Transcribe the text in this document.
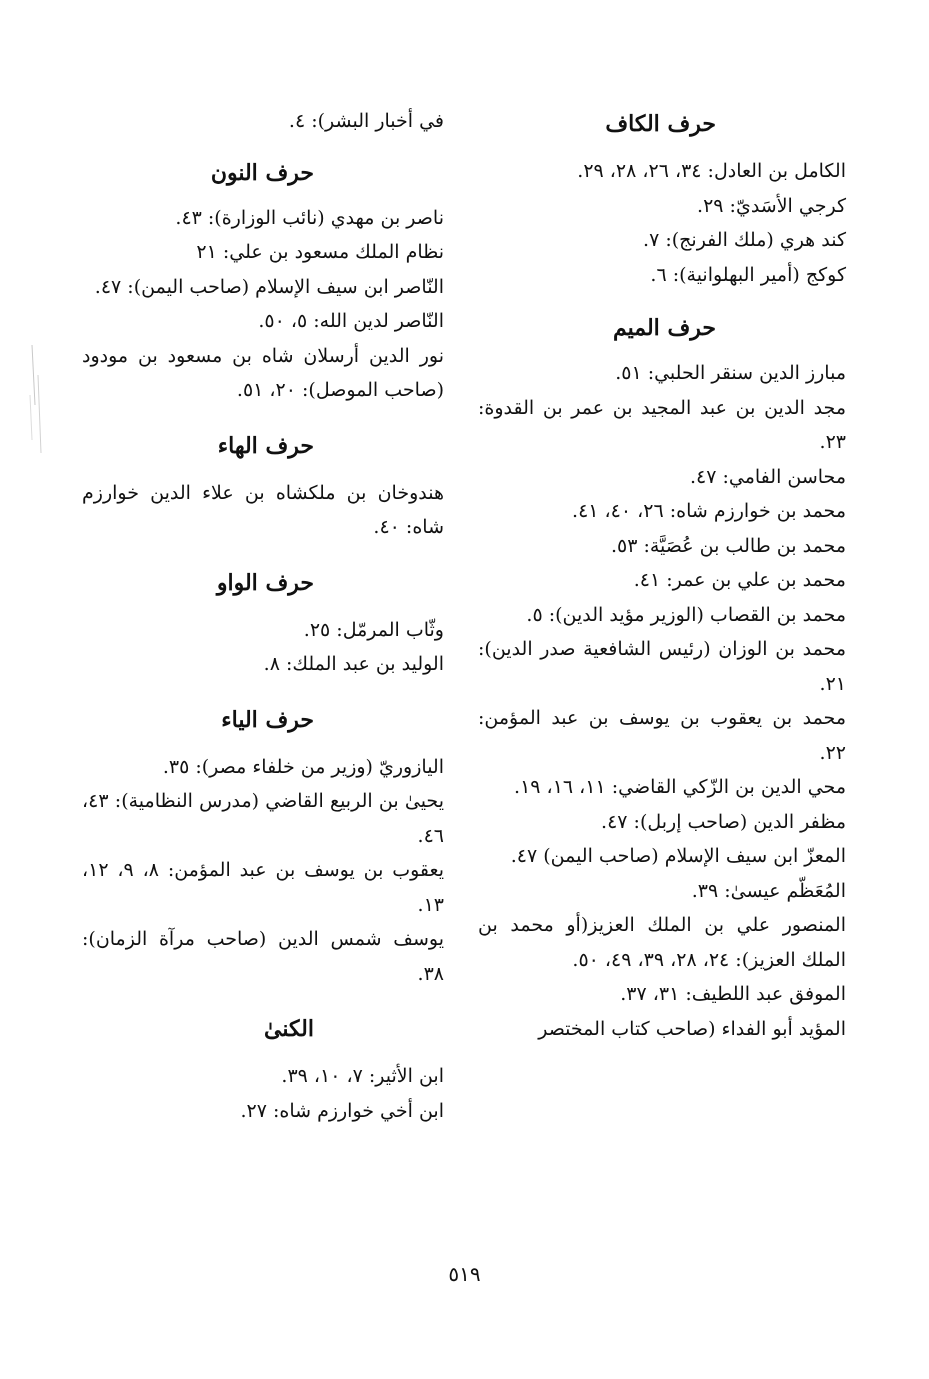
حرف الكاف

الكامل بن العادل: ٣٤، ٢٦، ٢٨، ٢٩.

كرجي الأسَديّ: ٢٩.

كند هري (ملك الفرنج): ٧.

كوكج (أمير البهلوانية): ٦.

حرف الميم

مبارز الدين سنقر الحلبي: ٥١.

مجد الدين بن عبد المجيد بن عمر بن القدوة: ٢٣.

محاسن الفامي: ٤٧.

محمد بن خوارزم شاه: ٢٦، ٤٠، ٤١.

محمد بن طالب بن عُصَيَّة: ٥٣.

محمد بن علي بن عمر: ٤١.

محمد بن القصاب (الوزير مؤيد الدين): ٥.

محمد بن الوزان (رئيس الشافعية صدر الدين): ٢١.

محمد بن يعقوب بن يوسف بن عبد المؤمن: ٢٢.

محي الدين بن الزّكي القاضي: ١١، ١٦، ١٩.

مظفر الدين (صاحب إربل): ٤٧.

المعزّ ابن سيف الإسلام (صاحب اليمن) ٤٧.

المُعَظّم عيسىٰ: ٣٩.

المنصور علي بن الملك العزيز(أو محمد بن الملك العزيز): ٢٤، ٢٨، ٣٩، ٤٩، ٥٠.

الموفق عبد اللطيف: ٣١، ٣٧.

المؤيد أبو الفداء (صاحب كتاب المختصر

في أخبار البشر): ٤.

حرف النون

ناصر بن مهدي (نائب الوزارة): ٤٣.

نظام الملك مسعود بن علي: ٢١

النّاصر ابن سيف الإسلام (صاحب اليمن): ٤٧.

النّاصر لدين الله: ٥، ٥٠.

نور الدين أرسلان شاه بن مسعود بن مودود (صاحب الموصل): ٢٠، ٥١.

حرف الهاء

هندوخان بن ملكشاه بن علاء الدين خوارزم شاه: ٤٠.

حرف الواو

وثّاب المرمّل: ٢٥.

الوليد بن عبد الملك: ٨.

حرف الياء

اليازوريّ (وزير من خلفاء مصر): ٣٥.

يحيىٰ بن الربيع القاضي (مدرس النظامية): ٤٣، ٤٦.

يعقوب بن يوسف بن عبد المؤمن: ٨، ٩، ١٢، ١٣.

يوسف شمس الدين (صاحب مرآة الزمان): ٣٨.

الكنىٰ

ابن الأثير: ٧، ١٠، ٣٩.

ابن أخي خوارزم شاه: ٢٧.

٥١٩
